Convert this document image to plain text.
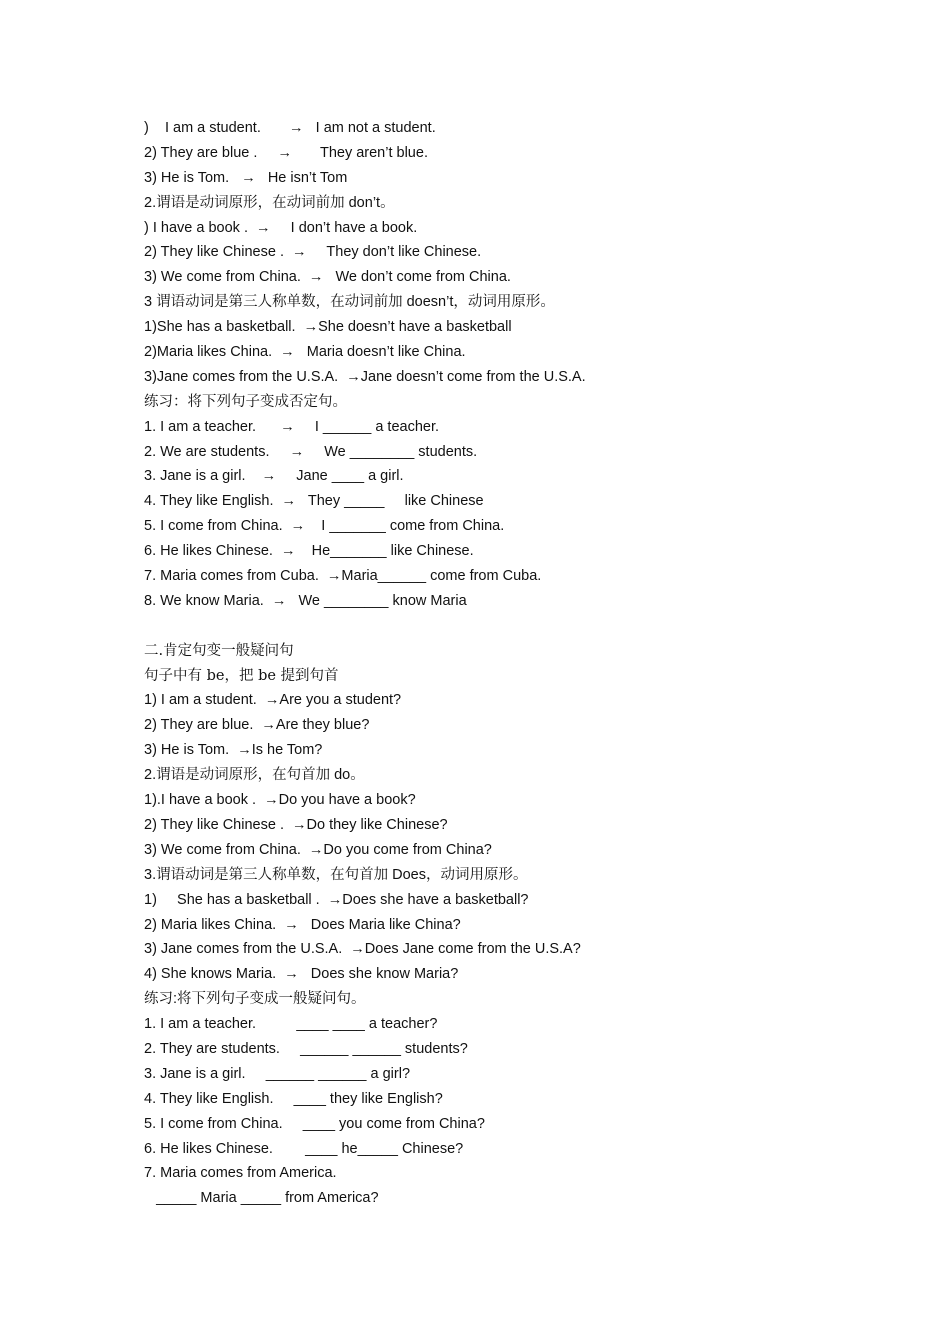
)    I am a student.       →   I am not a student.
2) They are blue .     →       They aren’t blue.
3) He is Tom.   →   He isn’t Tom
2.谓语是动词原形，在动词前加 don’t。
) I have a book .  →     I don’t have a book.
2) They like Chinese .  →     They don’t like Chinese.
3) We come from China.  →   We don’t come from China.
3 谓语动词是第三人称单数，在动词前加 doesn’t，动词用原形。
1)She has a basketball.  →She doesn’t have a basketball
2)Maria likes China.  →   Maria doesn’t like China.
3)Jane comes from the U.S.A.  →Jane doesn’t come from the U.S.A.
练习：将下列句子变成否定句。
1. I am a teacher.      →     I ______ a teacher.
2. We are students.     →     We ________ students.
3. Jane is a girl.    →     Jane ____ a girl.
4. They like English.  →   They _____     like Chinese
5. I come from China.  →    I _______ come from China.
6. He likes Chinese.  →    He_______ like Chinese.
7. Maria comes from Cuba.  →Maria______ come from Cuba.
8. We know Maria.  →   We ________ know Maria
二.肯定句变一般疑问句
句子中有 be，把 be 提到句首
1) I am a student.  →Are you a student?
2) They are blue.  →Are they blue?
3) He is Tom.  →Is he Tom?
2.谓语是动词原形，在句首加 do。
1).I have a book .  →Do you have a book?
2) They like Chinese .  →Do they like Chinese?
3) We come from China.  →Do you come from China?
3.谓语动词是第三人称单数，在句首加 Does，动词用原形。
1)     She has a basketball .  →Does she have a basketball?
2) Maria likes China.  →   Does Maria like China?
3) Jane comes from the U.S.A.  →Does Jane come from the U.S.A?
4) She knows Maria.  →   Does she know Maria?
练习:将下列句子变成一般疑问句。
1. I am a teacher.          ____ ____ a teacher?
2. They are students.     ______ ______ students?
3. Jane is a girl.     ______ ______ a girl?
4. They like English.     ____ they like English?
5. I come from China.     ____ you come from China?
6. He likes Chinese.        ____ he_____ Chinese?
7. Maria comes from America.
_____ Maria _____ from America?
